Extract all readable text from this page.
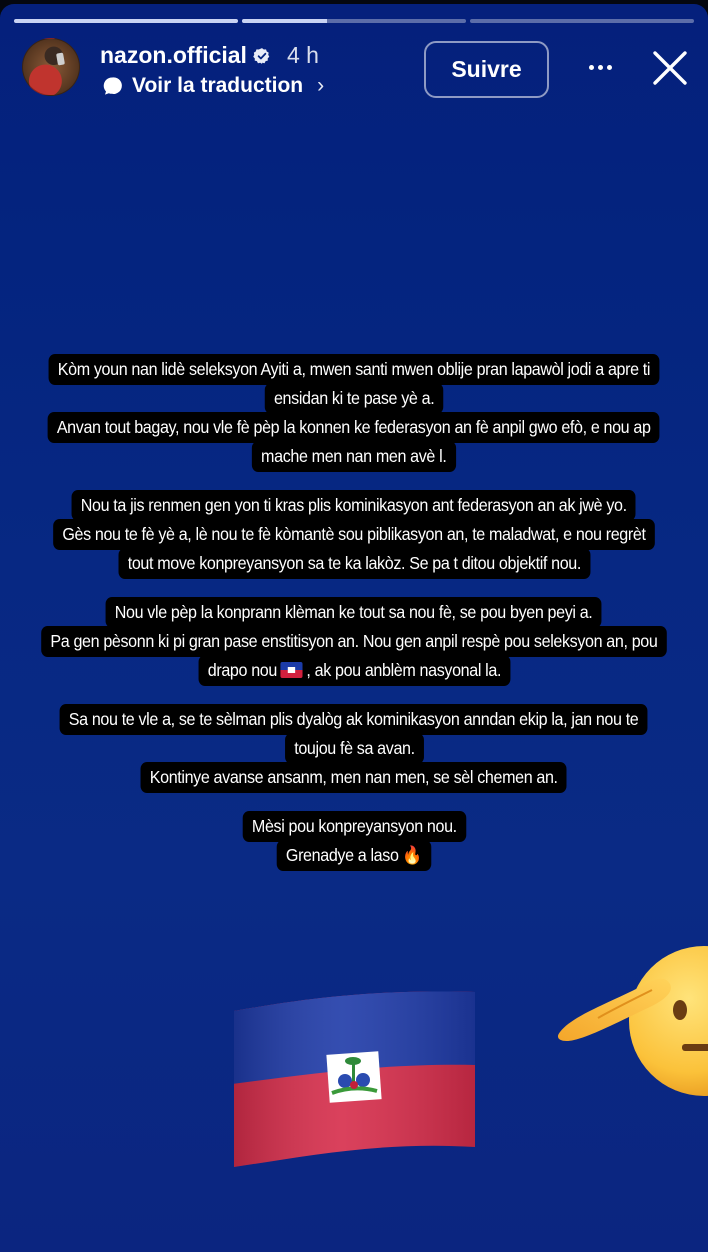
nazon.official 4 h
Voir la traduction ›
Suivre
Kòm youn nan lidè seleksyon Ayiti a, mwen santi mwen oblije pran lapawòl jodi a apre ti
ensidan ki te pase yè a.
Anvan tout bagay, nou vle fè pèp la konnen ke federasyon an fè anpil gwo efò, e nou ap
mache men nan men avè l.
Nou ta jis renmen gen yon ti kras plis kominikasyon ant federasyon an ak jwè yo.
Gès nou te fè yè a, lè nou te fè kòmantè sou piblikasyon an, te maladwat, e nou regrèt
tout move konpreyansyon sa te ka lakòz. Se pa t ditou objektif nou.
Nou vle pèp la konprann klèman ke tout sa nou fè, se pou byen peyi a.
Pa gen pèsonn ki pi gran pase enstitisyon an. Nou gen anpil respè pou seleksyon an, pou
drapo nou , ak pou anblèm nasyonal la.
Sa nou te vle a, se te sèlman plis dyalòg ak kominikasyon anndan ekip la, jan nou te
toujou fè sa avan.
Kontinye avanse ansanm, men nan men, se sèl chemen an.
Mèsi pou konpreyansyon nou.
Grenadye a laso 🔥
